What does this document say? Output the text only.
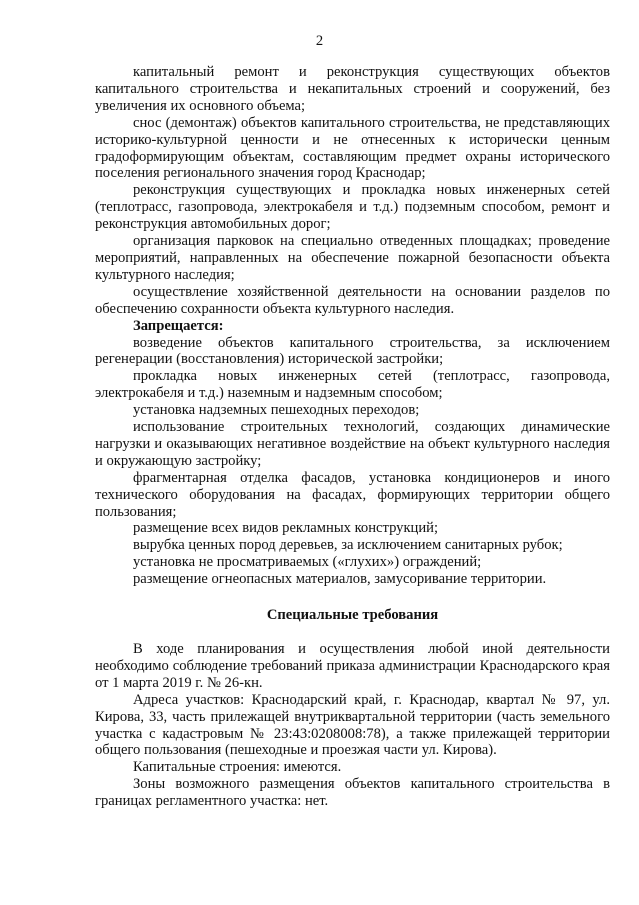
2

капитальный ремонт и реконструкция существующих объектов капитального строительства и некапитальных строений и сооружений, без увеличения их основного объема;

снос (демонтаж) объектов капитального строительства, не представляющих историко-культурной ценности и не отнесенных к исторически ценным градоформирующим объектам, составляющим предмет охраны исторического поселения регионального значения город Краснодар;

реконструкция существующих и прокладка новых инженерных сетей (теплотрасс, газопровода, электрокабеля и т.д.) подземным способом, ремонт и реконструкция автомобильных дорог;

организация парковок на специально отведенных площадках; проведение мероприятий, направленных на обеспечение пожарной безопасности объекта культурного наследия;

осуществление хозяйственной деятельности на основании разделов по обеспечению сохранности объекта культурного наследия.

Запрещается:

возведение объектов капитального строительства, за исключением регенерации (восстановления) исторической застройки;

прокладка новых инженерных сетей (теплотрасс, газопровода, электрокабеля и т.д.) наземным и надземным способом;

установка надземных пешеходных переходов;

использование строительных технологий, создающих динамические нагрузки и оказывающих негативное воздействие на объект культурного наследия и окружающую застройку;

фрагментарная отделка фасадов, установка кондиционеров и иного технического оборудования на фасадах, формирующих территории общего пользования;

размещение всех видов рекламных конструкций;

вырубка ценных пород деревьев, за исключением санитарных рубок;

установка не просматриваемых («глухих») ограждений;

размещение огнеопасных материалов, замусоривание территории.

Специальные требования

В ходе планирования и осуществления любой иной деятельности необходимо соблюдение требований приказа администрации Краснодарского края от 1 марта 2019 г. № 26-кн.

Адреса участков: Краснодарский край, г. Краснодар, квартал № 97, ул. Кирова, 33, часть прилежащей внутриквартальной территории (часть земельного участка с кадастровым № 23:43:0208008:78), а также прилежащей территории общего пользования (пешеходные и проезжая части ул. Кирова).

Капитальные строения: имеются.

Зоны возможного размещения объектов капитального строительства в границах регламентного участка: нет.
